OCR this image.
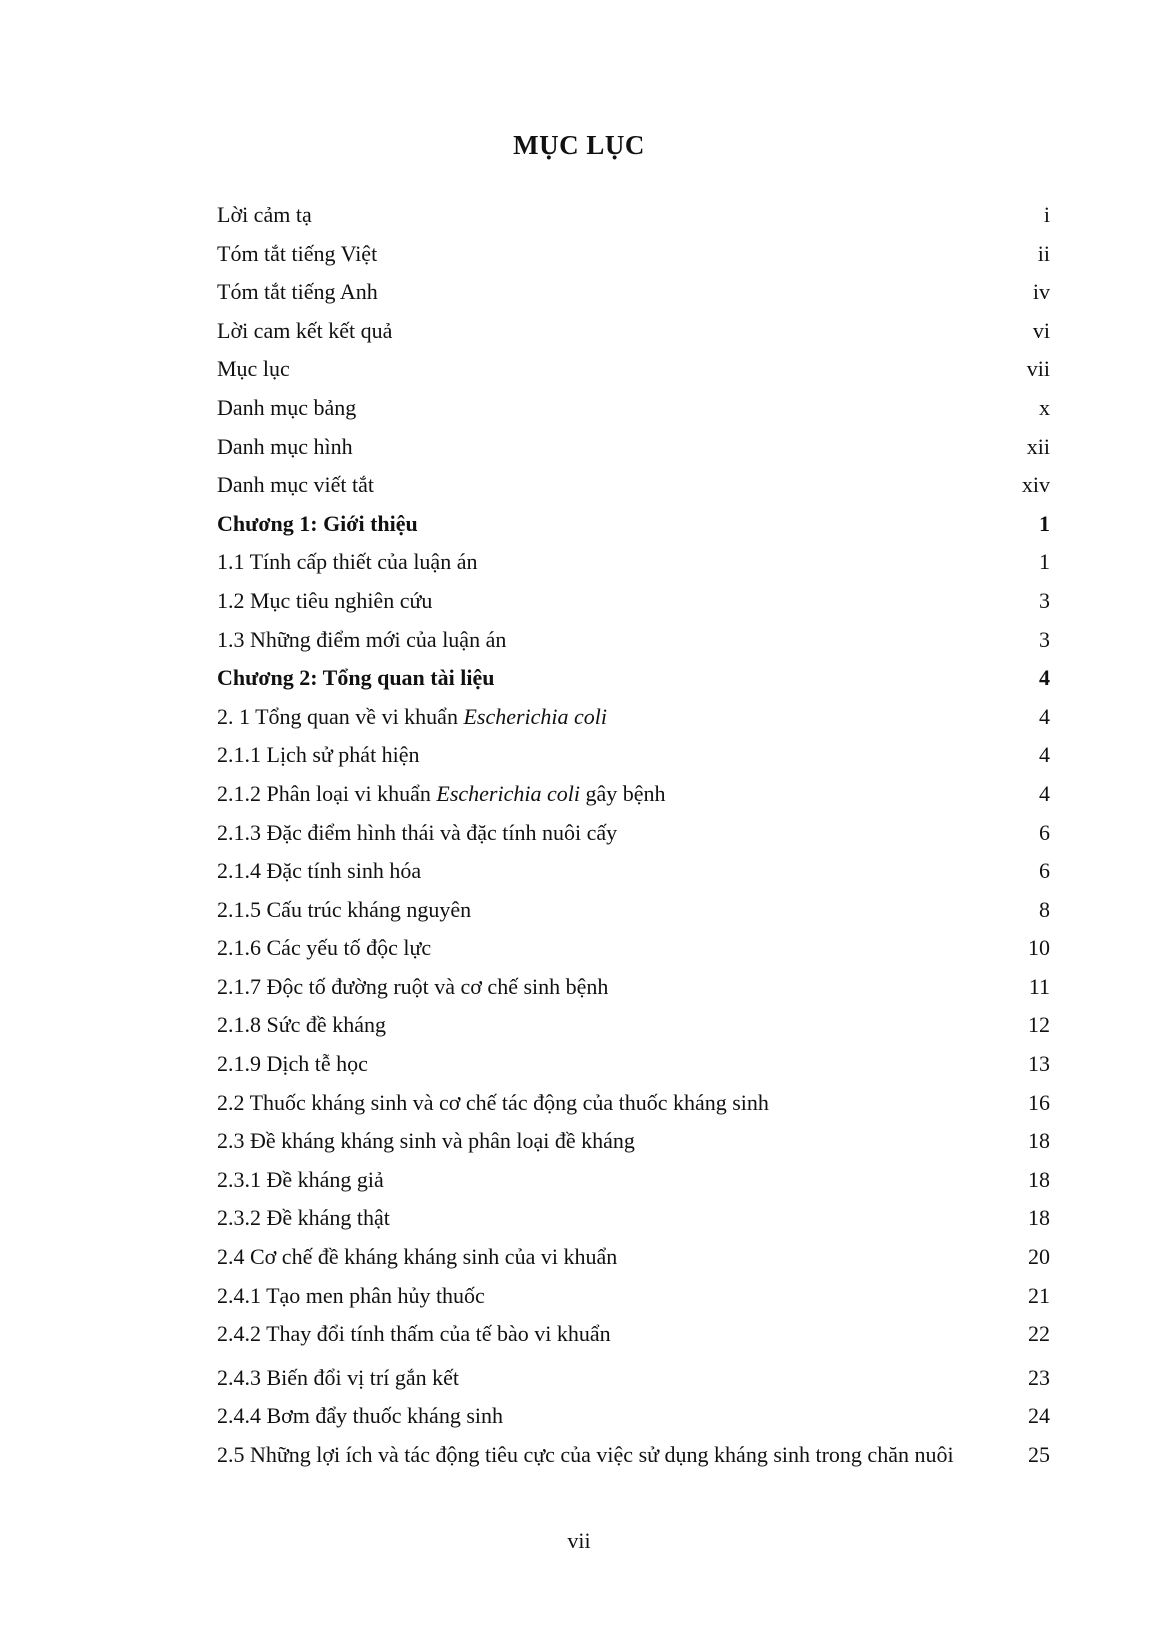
MỤC LỤC
Lời cảm tạ	i
Tóm tắt tiếng Việt	ii
Tóm tắt tiếng Anh	iv
Lời cam kết kết quả	vi
Mục lục	vii
Danh mục bảng	x
Danh mục hình	xii
Danh mục viết tắt	xiv
Chương 1: Giới thiệu	1
1.1 Tính cấp thiết của luận án	1
1.2 Mục tiêu nghiên cứu	3
1.3 Những điểm mới của luận án	3
Chương 2: Tổng quan tài liệu	4
2. 1 Tổng quan về vi khuẩn Escherichia coli	4
2.1.1 Lịch sử phát hiện	4
2.1.2 Phân loại vi khuẩn Escherichia coli gây bệnh	4
2.1.3 Đặc điểm hình thái và đặc tính nuôi cấy	6
2.1.4 Đặc tính sinh hóa	6
2.1.5 Cấu trúc kháng nguyên	8
2.1.6 Các yếu tố độc lực	10
2.1.7 Độc tố đường ruột và cơ chế sinh bệnh	11
2.1.8 Sức đề kháng	12
2.1.9 Dịch tễ học	13
2.2 Thuốc kháng sinh và cơ chế tác động của thuốc kháng sinh	16
2.3 Đề kháng kháng sinh và phân loại đề kháng	18
2.3.1 Đề kháng giả	18
2.3.2 Đề kháng thật	18
2.4 Cơ chế đề kháng kháng sinh của vi khuẩn	20
2.4.1 Tạo men phân hủy thuốc	21
2.4.2 Thay đổi tính thấm của tế bào vi khuẩn	22
2.4.3 Biến đổi vị trí gắn kết	23
2.4.4 Bơm đẩy thuốc kháng sinh	24
2.5 Những lợi ích và tác động tiêu cực của việc sử dụng kháng sinh trong chăn nuôi	25
vii
